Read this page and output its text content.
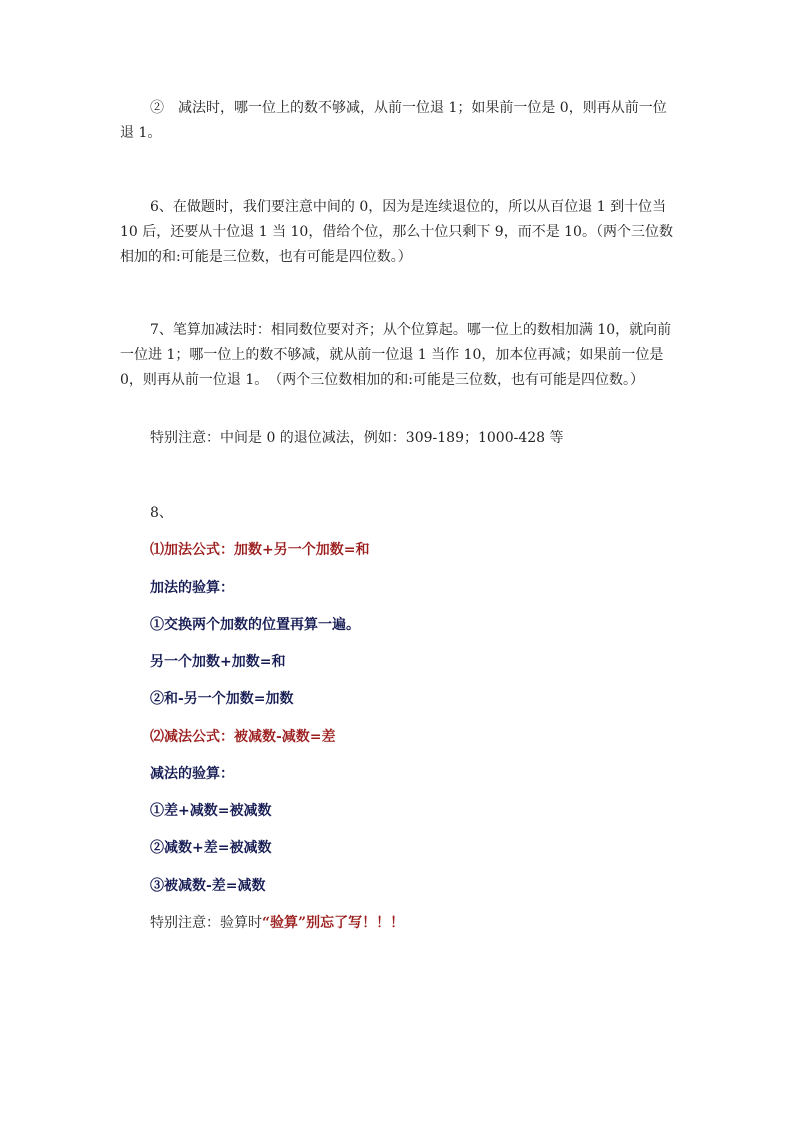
②　减法时，哪一位上的数不够减，从前一位退 1；如果前一位是 0，则再从前一位退 1。

6、在做题时，我们要注意中间的 0，因为是连续退位的，所以从百位退 1 到十位当 10 后，还要从十位退 1 当 10，借给个位，那么十位只剩下 9，而不是 10。（两个三位数相加的和:可能是三位数，也有可能是四位数。）

7、笔算加减法时：相同数位要对齐；从个位算起。哪一位上的数相加满 10，就向前一位进 1；哪一位上的数不够减，就从前一位退 1 当作 10，加本位再减；如果前一位是 0，则再从前一位退 1。　（两个三位数相加的和:可能是三位数，也有可能是四位数。）

特别注意：中间是 0 的退位减法，例如：309-189；1000-428 等

8、

⑴加法公式：加数+另一个加数=和

加法的验算：

①交换两个加数的位置再算一遍。

另一个加数+加数=和

②和-另一个加数=加数

⑵减法公式：被减数-减数=差

减法的验算：

①差+减数=被减数

②减数+差=被减数

③被减数-差=减数

特别注意：验算时“验算”别忘了写！！！
